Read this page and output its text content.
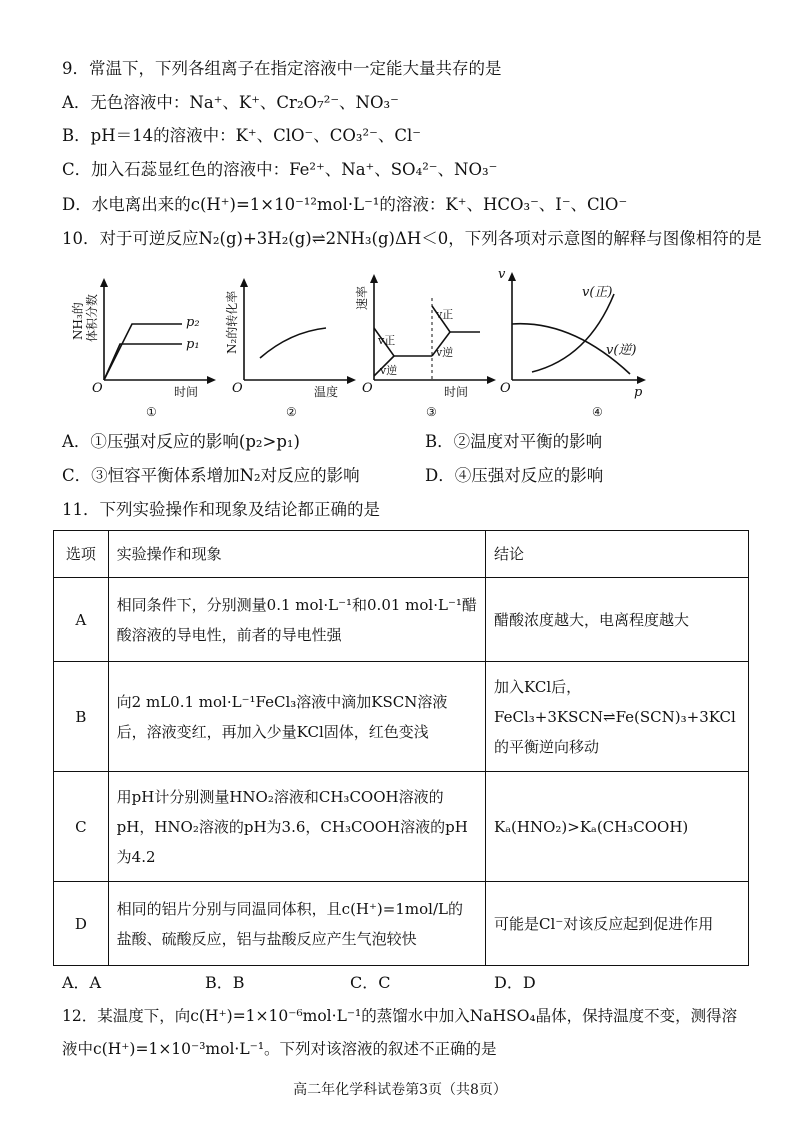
9．常温下，下列各组离子在指定溶液中一定能大量共存的是
A．无色溶液中：Na⁺、K⁺、Cr₂O₇²⁻、NO₃⁻
B．pH＝14的溶液中：K⁺、ClO⁻、CO₃²⁻、Cl⁻
C．加入石蕊显红色的溶液中：Fe²⁺、Na⁺、SO₄²⁻、NO₃⁻
D．水电离出来的c(H⁺)=1×10⁻¹²mol·L⁻¹的溶液：K⁺、HCO₃⁻、I⁻、ClO⁻
10．对于可逆反应N₂(g)+3H₂(g)⇌2NH₃(g)ΔH＜0，下列各项对示意图的解释与图像相符的是
p₂
p₁
O	时间
NH₃的 体积分数
①
O	温度
N₂的转化率
②
v正
v逆
v正
v逆
O	时间
速率
③
v(正)
v(逆)
O	p
v
④
A．①压强对反应的影响(p₂>p₁)	B．②温度对平衡的影响
C．③恒容平衡体系增加N₂对反应的影响	D．④压强对反应的影响
11．下列实验操作和现象及结论都正确的是
选项	实验操作和现象	结论
A	相同条件下，分别测量0.1 mol·L⁻¹和0.01 mol·L⁻¹醋酸溶液的导电性，前者的导电性强	醋酸浓度越大，电离程度越大
B	向2 mL0.1 mol·L⁻¹FeCl₃溶液中滴加KSCN溶液后，溶液变红，再加入少量KCl固体，红色变浅	加入KCl后，FeCl₃+3KSCN⇌Fe(SCN)₃+3KCl的平衡逆向移动
C	用pH计分别测量HNO₂溶液和CH₃COOH溶液的pH，HNO₂溶液的pH为3.6，CH₃COOH溶液的pH为4.2	Kₐ(HNO₂)>Kₐ(CH₃COOH)
D	相同的铝片分别与同温同体积，且c(H⁺)=1mol/L的盐酸、硫酸反应，铝与盐酸反应产生气泡较快	可能是Cl⁻对该反应起到促进作用
A．A	B．B	C．C	D．D
12．某温度下，向c(H⁺)=1×10⁻⁶mol·L⁻¹的蒸馏水中加入NaHSO₄晶体，保持温度不变，测得溶
液中c(H⁺)=1×10⁻³mol·L⁻¹。下列对该溶液的叙述不正确的是
高二年化学科试卷第3页（共8页）
